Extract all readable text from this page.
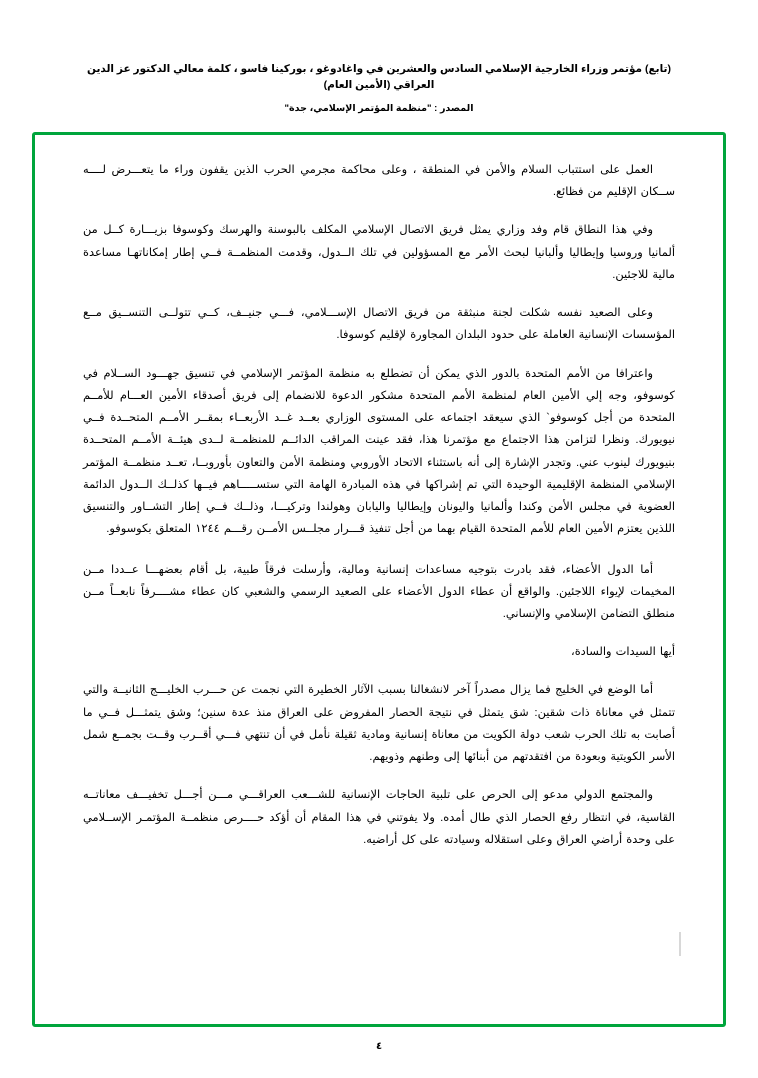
(تابع) مؤتمر وزراء الخارجية الإسلامي السادس والعشرين في واغادوغو ، بوركينا فاسو ، كلمة معالي الدكتور عز الدين العراقي (الأمين العام)
المصدر : "منظمة المؤتمر الإسلامي، جدة"

العمل على استتباب السلام والأمن في المنطقة ، وعلى محاكمة مجرمي الحرب الذين يقفون وراء ما يتعـــرض لــــه ســكان الإقليم من فظائع.

وفي هذا النطاق قام وفد وزاري يمثل فريق الاتصال الإسلامي المكلف بالبوسنة والهرسك وكوسوفا بزيـــارة كــل من ألمانيا وروسيا وإيطاليا وألبانيا لبحث الأمر مع المسؤولين في تلك الــدول، وقدمت المنظمــة فــي إطار إمكاناتهـا مساعدة مالية للاجئين.

وعلى الصعيد نفسه شكلت لجنة منبثقة من فريق الاتصال الإســـلامي، فـــي جنيــف، كــي تتولــى التنســيق مــع المؤسسات الإنسانية العاملة على حدود البلدان المجاورة لإقليم كوسوفا.

واعترافا من الأمم المتحدة بالدور الذي يمكن أن تضطلع به منظمة المؤتمر الإسلامي في تنسيق جهـــود الســلام في كوسوفو، وجه إلي الأمين العام لمنظمة الأمم المتحدة مشكور الدعوة للانضمام إلى فريق أصدقاء الأمين العـــام للأمــم المتحدة من أجل كوسوفو` الذي سيعقد اجتماعه على المستوى الوزاري بعــد غــد الأربعــاء بمقــر الأمــم المتحــدة فــي نيويورك. ونظرا لتزامن هذا الاجتماع مع مؤتمرنا هذا، فقد عينت المراقب الدائــم للمنظمــة لــدى هيئــة الأمــم المتحــدة بنيويورك لينوب عني. وتجدر الإشارة إلى أنه باستثناء الاتحاد الأوروبي ومنظمة الأمن والتعاون بأوروبــا، تعــد منظمــة المؤتمر الإسلامي المنظمة الإقليمية الوحيدة التي تم إشراكها في هذه المبادرة الهامة التي ستســـــاهم فيــها كذلــك الــدول الدائمة العضوية في مجلس الأمن وكندا وألمانيا واليونان وإيطاليا واليابان وهولندا وتركيـــا، وذلــك فــي إطار التشــاور والتنسيق اللذين يعتزم الأمين العام للأمم المتحدة القيام بهما من أجل تنفيذ قـــرار مجلــس الأمــن رقـــم ١٢٤٤ المتعلق بكوسوفو.

أما الدول الأعضاء، فقد بادرت بتوجيه مساعدات إنسانية ومالية، وأرسلت فرقاً طبية، بل أقام بعضهـــا عــددا مــن المخيمات لإيواء اللاجئين. والواقع أن عطاء الدول الأعضاء على الصعيد الرسمي والشعبي كان عطاء مشــــرفاً نابعــاً مــن منطلق التضامن الإسلامي والإنساني.

أيها السيدات والسادة،

أما الوضع في الخليج فما يزال مصدراً آخر لانشغالنا بسبب الآثار الخطيرة التي نجمت عن حـــرب الخليـــج الثانيــة والتي تتمثل في معاناة ذات شقين: شق يتمثل في نتيجة الحصار المفروض على العراق منذ عدة سنين؛ وشق يتمثـــل فــي ما أصابت به تلك الحرب شعب دولة الكويت من معاناة إنسانية ومادية ثقيلة نأمل في أن تنتهي فـــي أقــرب وقــت بجمــع شمل الأسر الكويتية وبعودة من افتقدتهم من أبنائها إلى وطنهم وذويهم.

والمجتمع الدولي مدعو إلى الحرص على تلبية الحاجات الإنسانية للشـــعب العراقـــي مـــن أجـــل تخفيـــف معاناتــه القاسية، في انتظار رفع الحصار الذي طال أمده. ولا يفوتني في هذا المقام أن أؤكد حــــرص منظمــة المؤتمـر الإســلامي على وحدة أراضي العراق وعلى استقلاله وسيادته على كل أراضيه.

٤
